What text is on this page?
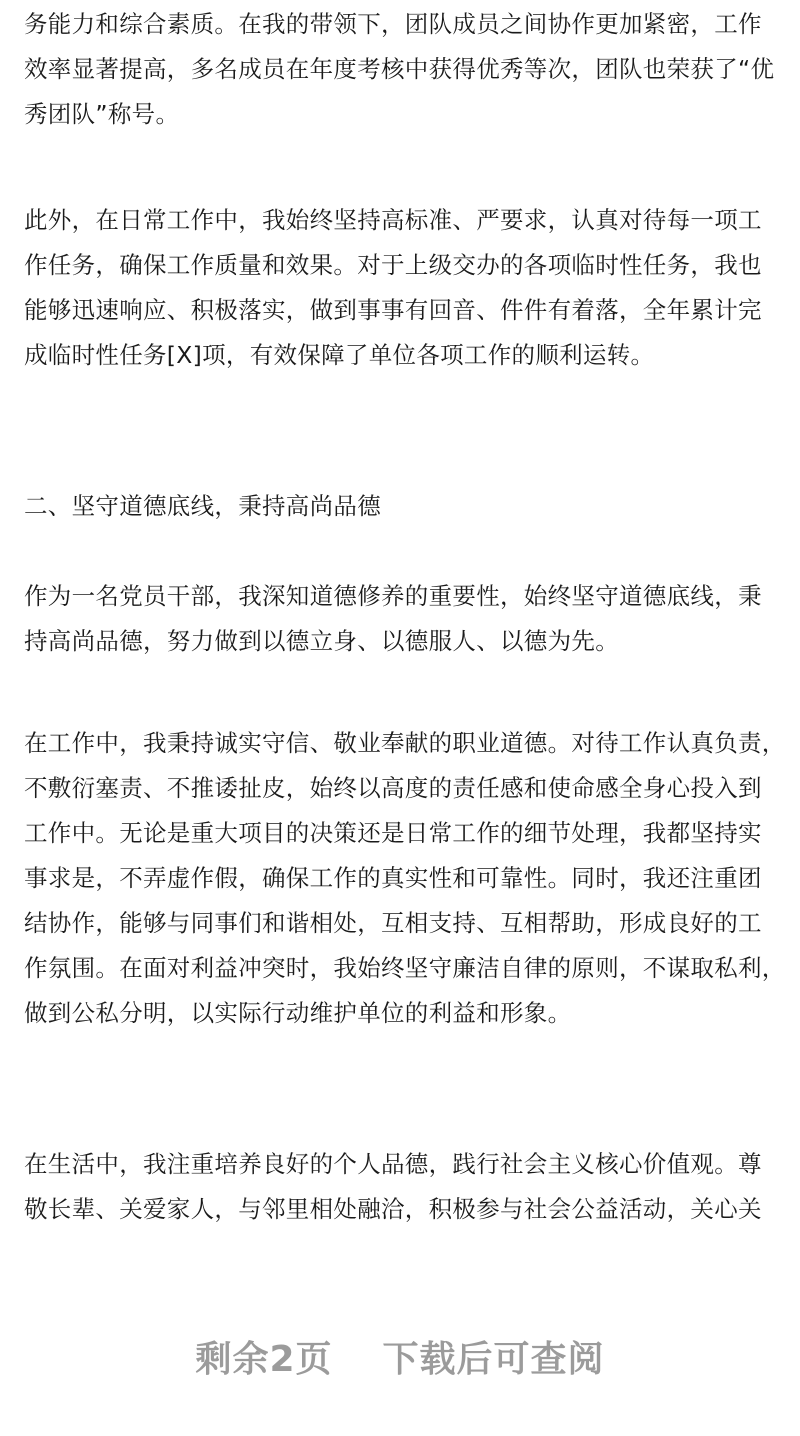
务能力和综合素质。在我的带领下，团队成员之间协作更加紧密，工作
效率显著提高，多名成员在年度考核中获得优秀等次，团队也荣获了“优
秀团队”称号。

此外，在日常工作中，我始终坚持高标准、严要求，认真对待每一项工
作任务，确保工作质量和效果。对于上级交办的各项临时性任务，我也
能够迅速响应、积极落实，做到事事有回音、件件有着落，全年累计完
成临时性任务[X]项，有效保障了单位各项工作的顺利运转。

二、坚守道德底线，秉持高尚品德

作为一名党员干部，我深知道德修养的重要性，始终坚守道德底线，秉
持高尚品德，努力做到以德立身、以德服人、以德为先。

在工作中，我秉持诚实守信、敬业奉献的职业道德。对待工作认真负责，
不敷衍塞责、不推诿扯皮，始终以高度的责任感和使命感全身心投入到
工作中。无论是重大项目的决策还是日常工作的细节处理，我都坚持实
事求是，不弄虚作假，确保工作的真实性和可靠性。同时，我还注重团
结协作，能够与同事们和谐相处，互相支持、互相帮助，形成良好的工
作氛围。在面对利益冲突时，我始终坚守廉洁自律的原则，不谋取私利，
做到公私分明，以实际行动维护单位的利益和形象。

在生活中，我注重培养良好的个人品德，践行社会主义核心价值观。尊
敬长辈、关爱家人，与邻里相处融洽，积极参与社会公益活动，关心关

剩余2页 下载后可查阅
